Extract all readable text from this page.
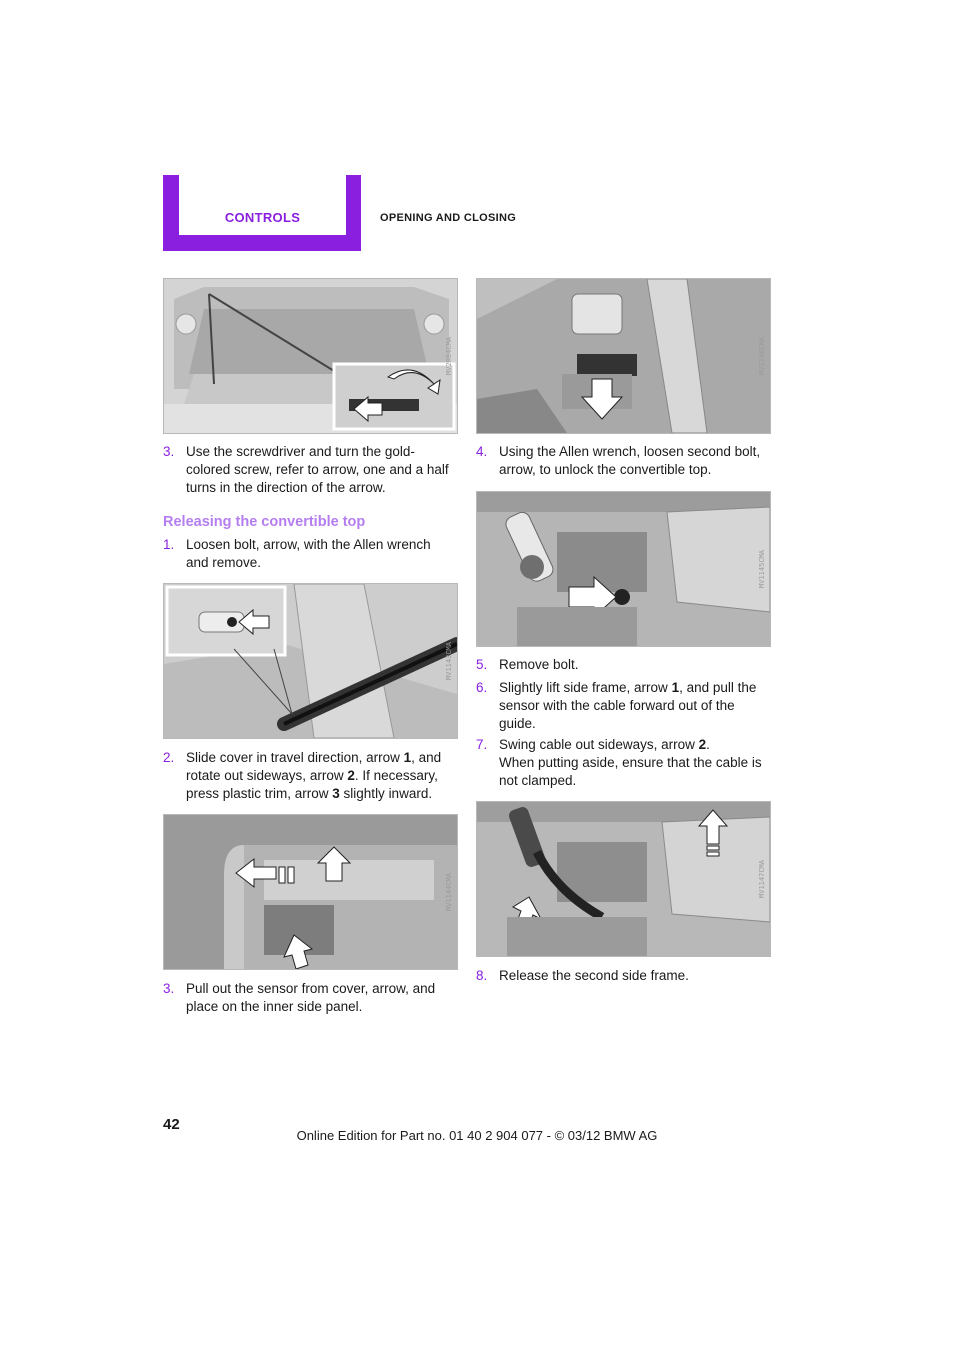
CONTROLS	OPENING AND CLOSING
MV2084CMA	MV1146CMA
3. Use the screwdriver and turn the gold-colored screw, refer to arrow, one and a half turns in the direction of the arrow.
4. Using the Allen wrench, loosen second bolt, arrow, to unlock the convertible top.
Releasing the convertible top
1. Loosen bolt, arrow, with the Allen wrench and remove.	MV1145CMA
MV1143CMA 5. Remove bolt.
6. Slightly lift side frame, arrow 1, and pull the sensor with the cable forward out of the guide.
7. Swing cable out sideways, arrow 2.
When putting aside, ensure that the cable is not clamped.
2. Slide cover in travel direction, arrow 1, and rotate out sideways, arrow 2. If necessary, press plastic trim, arrow 3 slightly inward.
MV1147CMA
MV1144CMA
8. Release the second side frame.
3. Pull out the sensor from cover, arrow, and place on the inner side panel.
42
Online Edition for Part no. 01 40 2 904 077 - © 03/12 BMW AG
